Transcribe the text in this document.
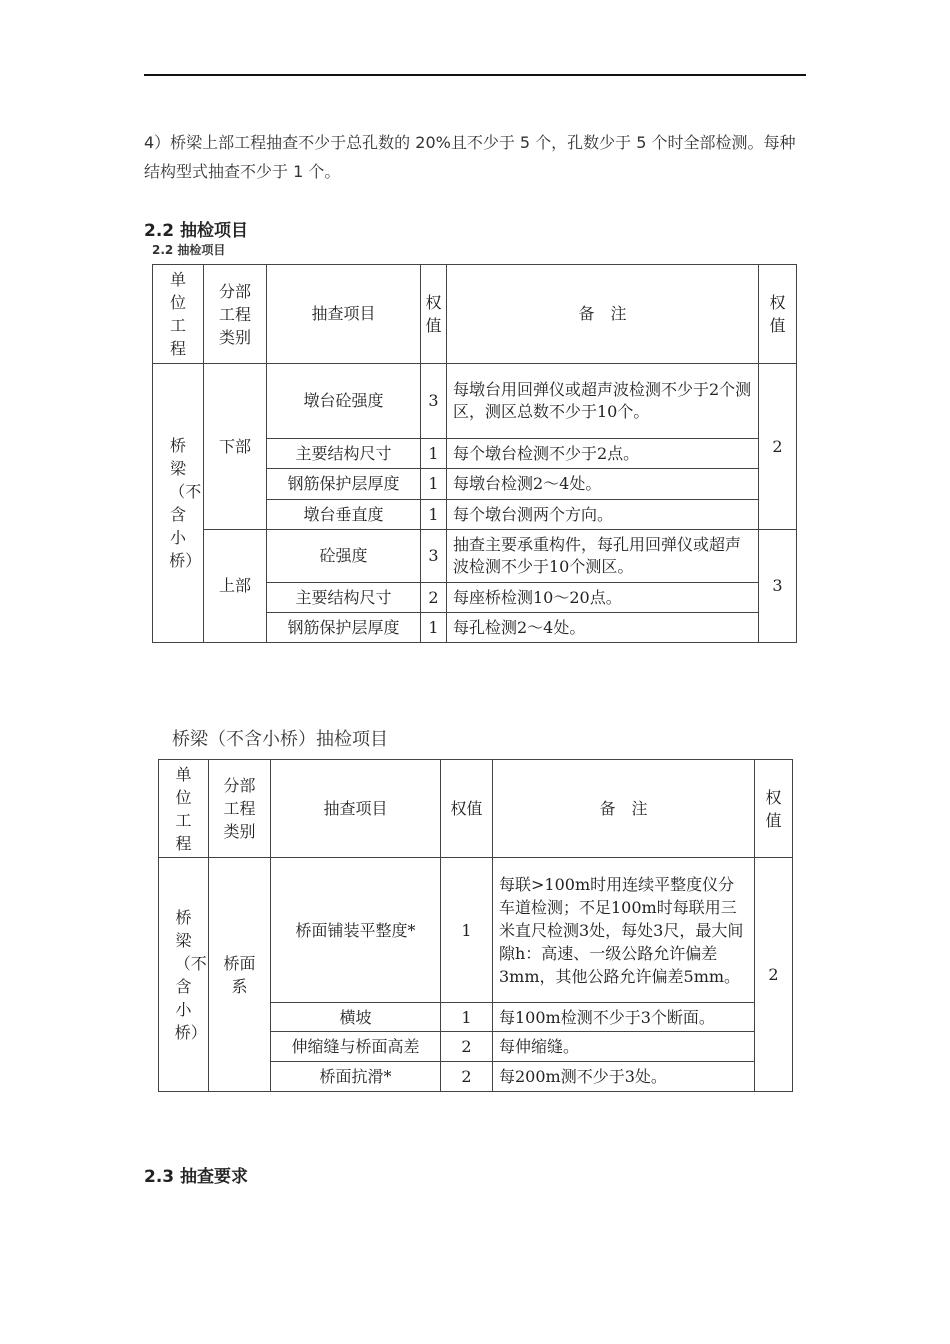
4）桥梁上部工程抽查不少于总孔数的 20%且不少于 5 个，孔数少于 5 个时全部检测。每种结构型式抽查不少于 1 个。

2.2 抽检项目

2.2 抽检项目

单位工程	分部工程类别	抽查项目	权值	备　注	权值
桥梁（不含小桥）	下部	墩台砼强度	3	每墩台用回弹仪或超声波检测不少于2个测区，测区总数不少于10个。	2
		主要结构尺寸	1	每个墩台检测不少于2点。	
		钢筋保护层厚度	1	每墩台检测2～4处。	
		墩台垂直度	1	每个墩台测两个方向。	
	上部	砼强度	3	抽查主要承重构件，每孔用回弹仪或超声波检测不少于10个测区。	3
		主要结构尺寸	2	每座桥检测10～20点。	
		钢筋保护层厚度	1	每孔检测2～4处。	

桥梁（不含小桥）抽检项目

单位工程	分部工程类别	抽查项目	权值	备　注	权值
桥梁（不含小桥）	桥面系	桥面铺装平整度*	1	每联>100m时用连续平整度仪分车道检测；不足100m时每联用三米直尺检测3处，每处3尺，最大间隙h：高速、一级公路允许偏差3mm，其他公路允许偏差5mm。	2
		横坡	1	每100m检测不少于3个断面。	
		伸缩缝与桥面高差	2	每伸缩缝。	
		桥面抗滑*	2	每200m测不少于3处。	

2.3 抽查要求
